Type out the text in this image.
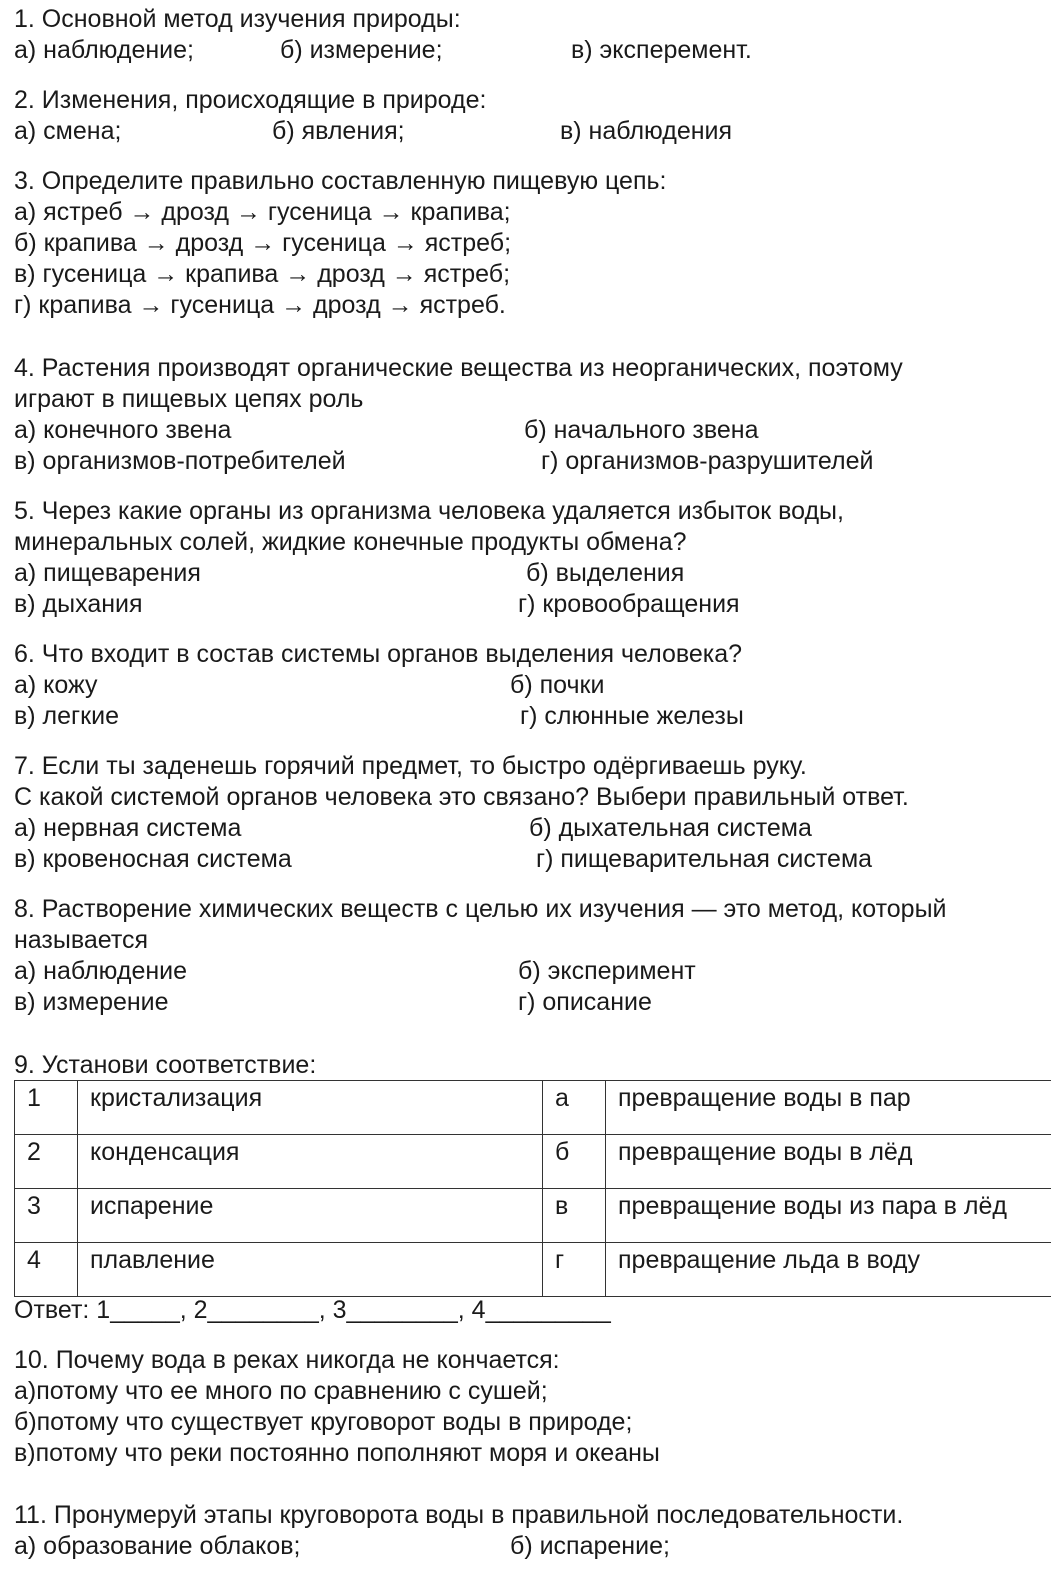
1. Основной метод изучения природы:
а) наблюдение;	б) измерение;	в) эксперемент.
2. Изменения, происходящие в природе:
а) смена;	б) явления;	в) наблюдения
3. Определите правильно составленную пищевую цепь:
а) ястреб → дрозд → гусеница → крапива;
б) крапива → дрозд → гусеница → ястреб;
в) гусеница → крапива → дрозд → ястреб;
г) крапива → гусеница → дрозд → ястреб.
4. Растения производят органические вещества из неорганических, поэтому
играют в пищевых цепях роль
а) конечного звена	б) начального звена
в) организмов-потребителей	г) организмов-разрушителей
5. Через какие органы из организма человека удаляется избыток воды,
минеральных солей, жидкие конечные продукты обмена?
а) пищеварения	б) выделения
в) дыхания	г) кровообращения
6. Что входит в состав системы органов выделения человека?
а) кожу	б) почки
в) легкие	г) слюнные железы
7. Если ты заденешь горячий предмет, то быстро одёргиваешь руку.
С какой системой органов человека это связано? Выбери правильный ответ.
а) нервная система	б) дыхательная система
в) кровеносная система	г) пищеварительная система
8. Растворение химических веществ с целью их изучения — это метод, который
называется
а) наблюдение	б) эксперимент
в) измерение	г) описание
9. Установи соответствие:
1	кристализация	а	превращение воды в пар
2	конденсация	б	превращение воды в лёд
3	испарение	в	превращение воды из пара в лёд
4	плавление	г	превращение льда в воду
Ответ: 1_____, 2________, 3________, 4_________
10. Почему вода в реках никогда не кончается:
а)потому что ее много по сравнению с сушей;
б)потому что существует круговорот воды в природе;
в)потому что реки постоянно пополняют моря и океаны
11. Пронумеруй этапы круговорота воды в правильной последовательности.
а) образование облаков;	б) испарение;
